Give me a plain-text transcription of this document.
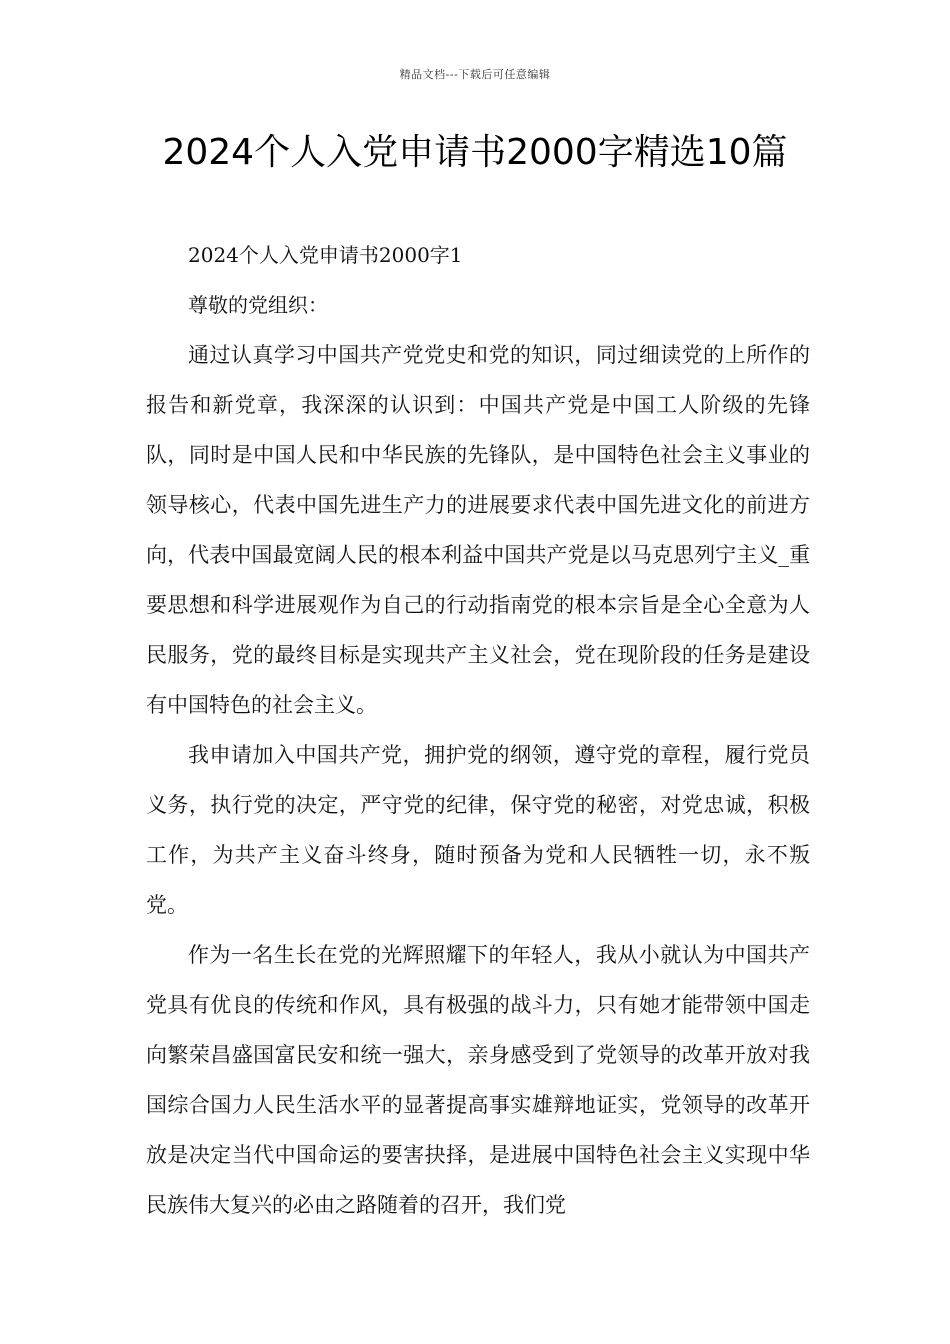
精品文档---下载后可任意编辑
2024个人入党申请书2000字精选10篇

2024个人入党申请书2000字1

尊敬的党组织：

通过认真学习中国共产党党史和党的知识，同过细读党的上所作的报告和新党章，我深深的认识到：中国共产党是中国工人阶级的先锋队，同时是中国人民和中华民族的先锋队，是中国特色社会主义事业的领导核心，代表中国先进生产力的进展要求代表中国先进文化的前进方向，代表中国最宽阔人民的根本利益中国共产党是以马克思列宁主义_重要思想和科学进展观作为自己的行动指南党的根本宗旨是全心全意为人民服务，党的最终目标是实现共产主义社会，党在现阶段的任务是建设有中国特色的社会主义。

我申请加入中国共产党，拥护党的纲领，遵守党的章程，履行党员义务，执行党的决定，严守党的纪律，保守党的秘密，对党忠诚，积极工作，为共产主义奋斗终身，随时预备为党和人民牺牲一切，永不叛党。

作为一名生长在党的光辉照耀下的年轻人，我从小就认为中国共产党具有优良的传统和作风，具有极强的战斗力，只有她才能带领中国走向繁荣昌盛国富民安和统一强大，亲身感受到了党领导的改革开放对我国综合国力人民生活水平的显著提高事实雄辩地证实，党领导的改革开放是决定当代中国命运的要害抉择，是进展中国特色社会主义实现中华民族伟大复兴的必由之路随着的召开，我们党
